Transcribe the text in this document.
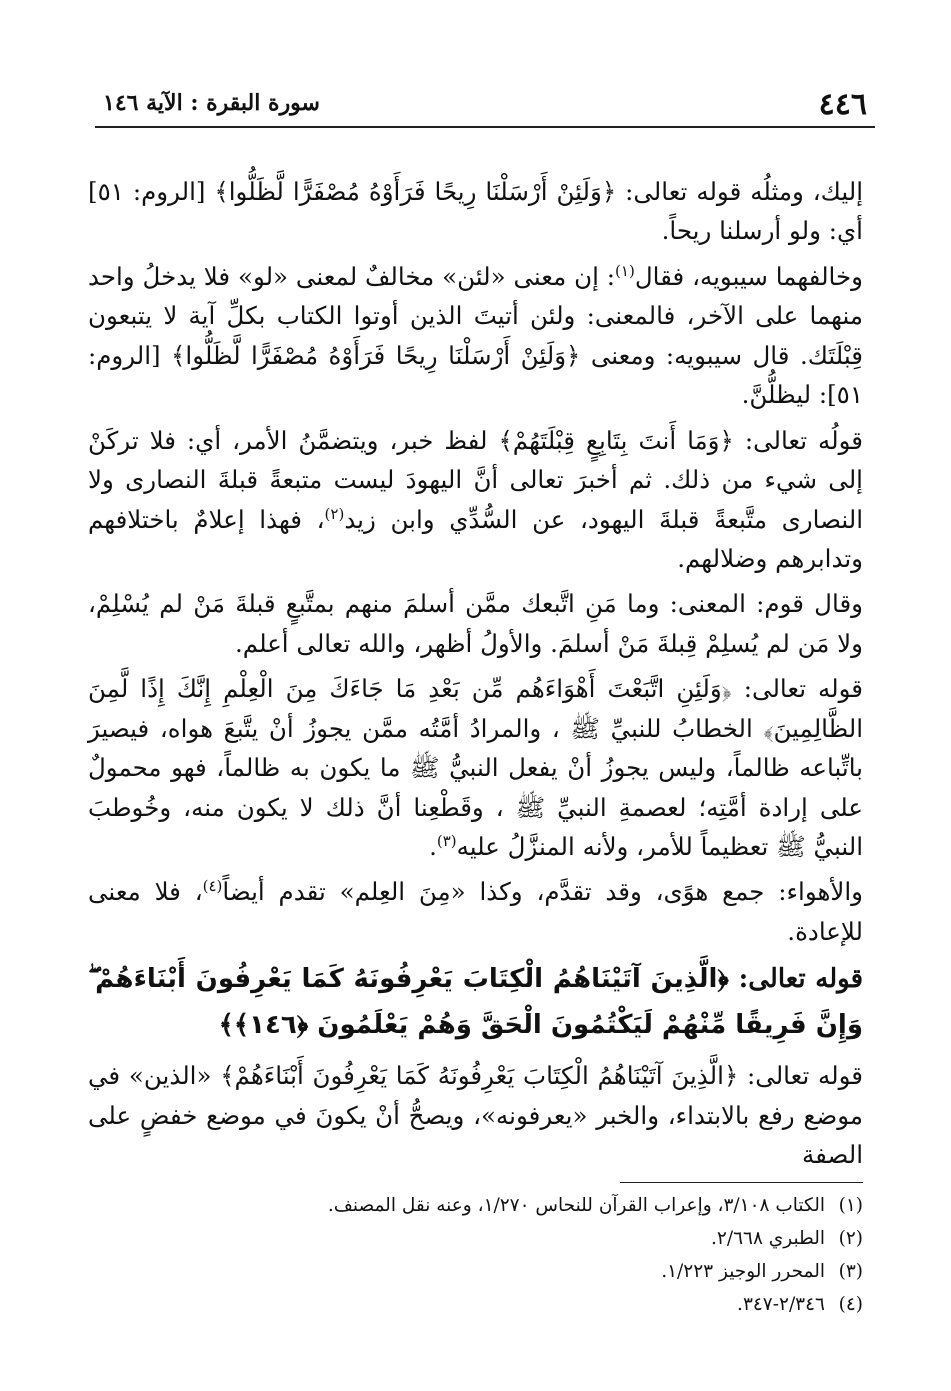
٤٤٦
سورة البقرة : الآية ١٤٦

إليك، ومثلُه قوله تعالى: ﴿وَلَئِنْ أَرْسَلْنَا رِيحًا فَرَأَوْهُ مُصْفَرًّا لَّظَلُّوا﴾ [الروم: ٥١] أي: ولو أرسلنا ريحاً.

وخالفهما سيبويه، فقال$^{(١)}$: إن معنى «لئن» مخالفٌ لمعنى «لو» فلا يدخلُ واحد منهما على الآخر، فالمعنى: ولئن أتيتَ الذين أوتوا الكتاب بكلِّ آية لا يتبعون قِبْلَتَك. قال سيبويه: ومعنى ﴿وَلَئِنْ أَرْسَلْنَا رِيحًا فَرَأَوْهُ مُصْفَرًّا لَّظَلُّوا﴾ [الروم: ٥١]: ليظلُّنَّ.

قولُه تعالى: ﴿وَمَا أَنتَ بِتَابِعٍ قِبْلَتَهُمْ﴾ لفظ خبر، ويتضمَّنُ الأمر، أي: فلا تركَنْ إلى شيء من ذلك. ثم أخبرَ تعالى أنَّ اليهودَ ليست متبعةً قبلةَ النصارى ولا النصارى متَّبعةً قبلةَ اليهود، عن السُّدِّي وابن زيد$^{(٢)}$، فهذا إعلامٌ باختلافهم وتدابرهم وضلالهم.

وقال قوم: المعنى: وما مَنِ اتَّبعك ممَّن أسلمَ منهم بمتَّبعٍ قبلةَ مَنْ لم يُسْلِمْ، ولا مَن لم يُسلِمْ قِبلةَ مَنْ أسلمَ. والأولُ أظهر، والله تعالى أعلم.

قوله تعالى: ﴿وَلَئِنِ اتَّبَعْتَ أَهْوَاءَهُم مِّن بَعْدِ مَا جَاءَكَ مِنَ الْعِلْمِ إِنَّكَ إِذًا لَّمِنَ الظَّالِمِينَ﴾ الخطابُ للنبيِّ ﷺ ، والمرادُ أمَّتُه ممَّن يجوزُ أنْ يتَّبعَ هواه، فيصيرَ باتِّباعه ظالماً، وليس يجوزُ أنْ يفعل النبيُّ ﷺ ما يكون به ظالماً، فهو محمولٌ على إرادة أمَّتِه؛ لعصمةِ النبيِّ ﷺ ، وقَطْعِنا أنَّ ذلك لا يكون منه، وخُوطبَ النبيُّ ﷺ تعظيماً للأمر، ولأنه المنزَّلُ عليه$^{(٣)}$.

والأهواء: جمع هوًى، وقد تقدَّم، وكذا «مِنَ العِلم» تقدم أيضاً$^{(٤)}$، فلا معنى للإعادة.

قوله تعالى: ﴿الَّذِينَ آتَيْنَاهُمُ الْكِتَابَ يَعْرِفُونَهُ كَمَا يَعْرِفُونَ أَبْنَاءَهُمْ ۖ وَإِنَّ فَرِيقًا مِّنْهُمْ لَيَكْتُمُونَ الْحَقَّ وَهُمْ يَعْلَمُونَ ﴿١٤٦﴾﴾

قوله تعالى: ﴿الَّذِينَ آتَيْنَاهُمُ الْكِتَابَ يَعْرِفُونَهُ كَمَا يَعْرِفُونَ أَبْنَاءَهُمْ﴾ «الذين» في موضع رفع بالابتداء، والخبر «يعرفونه»، ويصحُّ أنْ يكونَ في موضع خفضٍ على الصفة

(١)الكتاب ٣/١٠٨، وإعراب القرآن للنحاس ١/٢٧٠، وعنه نقل المصنف.

(٢)الطبري ٢/٦٦٨.

(٣)المحرر الوجيز ١/٢٢٣.

(٤)٢/٣٤٦-٣٤٧.
